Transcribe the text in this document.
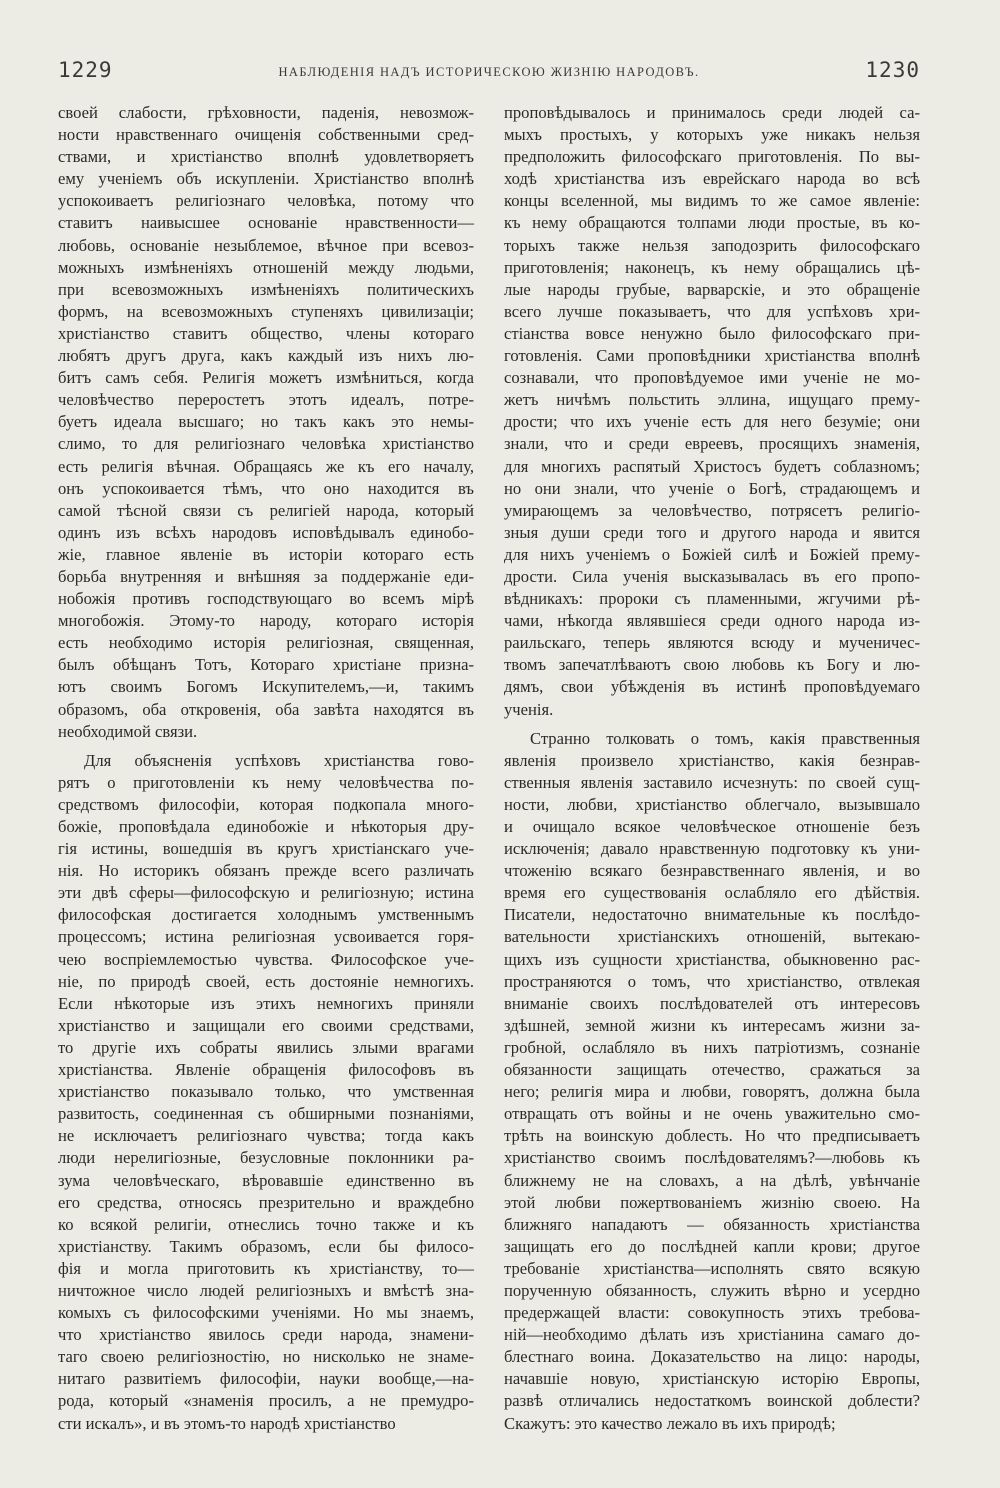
1229	НАБЛЮДЕНІЯ НАДЪ ИСТОРИЧЕСКОЮ ЖИЗНІЮ НАРОДОВЪ.	1230
своей слабости, грѣховности, паденія, невозмож-
ности нравственнаго очищенія собственными сред-
ствами, и христіанство вполнѣ удовлетворяетъ
ему ученіемъ объ искупленіи. Христіанство вполнѣ
успокоиваетъ религіознаго человѣка, потому что
ставитъ наивысшее основаніе нравственности—
любовь, основаніе незыблемое, вѣчное при всевоз-
можныхъ измѣненіяхъ отношеній между людьми,
при всевозможныхъ измѣненіяхъ политическихъ
формъ, на всевозможныхъ ступеняхъ цивилизаціи;
христіанство ставитъ общество, члены котораго
любятъ другъ друга, какъ каждый изъ нихъ лю-
битъ самъ себя. Религія можетъ измѣниться, когда
человѣчество переростетъ этотъ идеалъ, потре-
буетъ идеала высшаго; но такъ какъ это немы-
слимо, то для религіознаго человѣка христіанство
есть религія вѣчная. Обращаясь же къ его началу,
онъ успокоивается тѣмъ, что оно находится въ
самой тѣсной связи съ религіей народа, который
одинъ изъ всѣхъ народовъ исповѣдывалъ единобо-
жіе, главное явленіе въ исторіи котораго есть
борьба внутренняя и внѣшняя за поддержаніе еди-
нобожія противъ господствующаго во всемъ мірѣ
многобожія. Этому-то народу, котораго исторія
есть необходимо исторія религіозная, священная,
былъ обѣщанъ Тотъ, Котораго христіане призна-
ютъ своимъ Богомъ Искупителемъ,—и, такимъ
образомъ, оба откровенія, оба завѣта находятся въ
необходимой связи.
Для объясненія успѣховъ христіанства гово-
рятъ о приготовленіи къ нему человѣчества по-
средствомъ философіи, которая подкопала много-
божіе, проповѣдала единобожіе и нѣкоторыя дру-
гія истины, вошедшія въ кругъ христіанскаго уче-
нія. Но историкъ обязанъ прежде всего различать
эти двѣ сферы—философскую и религіозную; истина
философская достигается холоднымъ умственнымъ
процессомъ; истина религіозная усвоивается горя-
чею воспріемлемостью чувства. Философское уче-
ніе, по природѣ своей, есть достояніе немногихъ.
Если нѣкоторые изъ этихъ немногихъ приняли
христіанство и защищали его своими средствами,
то другіе ихъ собраты явились злыми врагами
христіанства. Явленіе обращенія философовъ въ
христіанство показывало только, что умственная
развитость, соединенная съ обширными познаніями,
не исключаетъ религіознаго чувства; тогда какъ
люди нерелигіозные, безусловные поклонники ра-
зума человѣческаго, вѣровавшіе единственно въ
его средства, относясь презрительно и враждебно
ко всякой религіи, отнеслись точно также и къ
христіанству. Такимъ образомъ, если бы филосо-
фія и могла приготовить къ христіанству, то—
ничтожное число людей религіозныхъ и вмѣстѣ зна-
комыхъ съ философскими ученіями. Но мы знаемъ,
что христіанство явилось среди народа, знамени-
таго своею религіозностію, но нисколько не знаме-
нитаго развитіемъ философіи, науки вообще,—на-
рода, который «знаменія просилъ, а не премудро-
сти искалъ», и въ этомъ-то народѣ христіанство
проповѣдывалось и принималось среди людей са-
мыхъ простыхъ, у которыхъ уже никакъ нельзя
предположить философскаго приготовленія. По вы-
ходѣ христіанства изъ еврейскаго народа во всѣ
концы вселенной, мы видимъ то же самое явленіе:
къ нему обращаются толпами люди простые, въ ко-
торыхъ также нельзя заподозрить философскаго
приготовленія; наконецъ, къ нему обращались цѣ-
лые народы грубые, варварскіе, и это обращеніе
всего лучше показываетъ, что для успѣховъ хри-
стіанства вовсе ненужно было философскаго при-
готовленія. Сами проповѣдники христіанства вполнѣ
сознавали, что проповѣдуемое ими ученіе не мо-
жетъ ничѣмъ польстить эллина, ищущаго прему-
дрости; что ихъ ученіе есть для него безуміе; они
знали, что и среди евреевъ, просящихъ знаменія,
для многихъ распятый Христосъ будетъ соблазномъ;
но они знали, что ученіе о Богѣ, страдающемъ и
умирающемъ за человѣчество, потрясетъ религіо-
зныя души среди того и другого народа и явится
для нихъ ученіемъ о Божіей силѣ и Божіей прему-
дрости. Сила ученія высказывалась въ его пропо-
вѣдникахъ: пророки съ пламенными, жгучими рѣ-
чами, нѣкогда являвшіеся среди одного народа из-
раильскаго, теперь являются всюду и мученичес-
твомъ запечатлѣваютъ свою любовь къ Богу и лю-
дямъ, свои убѣжденія въ истинѣ проповѣдуемаго
ученія.
Странно толковать о томъ, какія правственныя
явленія произвело христіанство, какія безнрав-
ственныя явленія заставило исчезнуть: по своей сущ-
ности, любви, христіанство облегчало, вызывшало
и очищало всякое человѣческое отношеніе безъ
исключенія; давало нравственную подготовку къ уни-
чтоженію всякаго безнравственнаго явленія, и во
время его существованія ослабляло его дѣйствія.
Писатели, недостаточно внимательные къ послѣдо-
вательности христіанскихъ отношеній, вытекаю-
щихъ изъ сущности христіанства, обыкновенно рас-
пространяются о томъ, что христіанство, отвлекая
вниманіе своихъ послѣдователей отъ интересовъ
здѣшней, земной жизни къ интересамъ жизни за-
гробной, ослабляло въ нихъ патріотизмъ, сознаніе
обязанности защищать отечество, сражаться за
него; религія мира и любви, говорятъ, должна была
отвращать отъ войны и не очень уважительно смо-
трѣть на воинскую доблесть. Но что предписываетъ
христіанство своимъ послѣдователямъ?—любовь къ
ближнему не на словахъ, а на дѣлѣ, увѣнчаніе
этой любви пожертвованіемъ жизнію своею. На
ближняго нападаютъ — обязанность христіанства
защищать его до послѣдней капли крови; другое
требованіе христіанства—исполнять свято всякую
порученную обязанность, служить вѣрно и усердно
предержащей власти: совокупность этихъ требова-
ній—необходимо дѣлать изъ христіанина самаго до-
блестнаго воина. Доказательство на лицо: народы,
начавшіе новую, христіанскую исторію Европы,
развѣ отличались недостаткомъ воинской доблести?
Скажутъ: это качество лежало въ ихъ природѣ;
